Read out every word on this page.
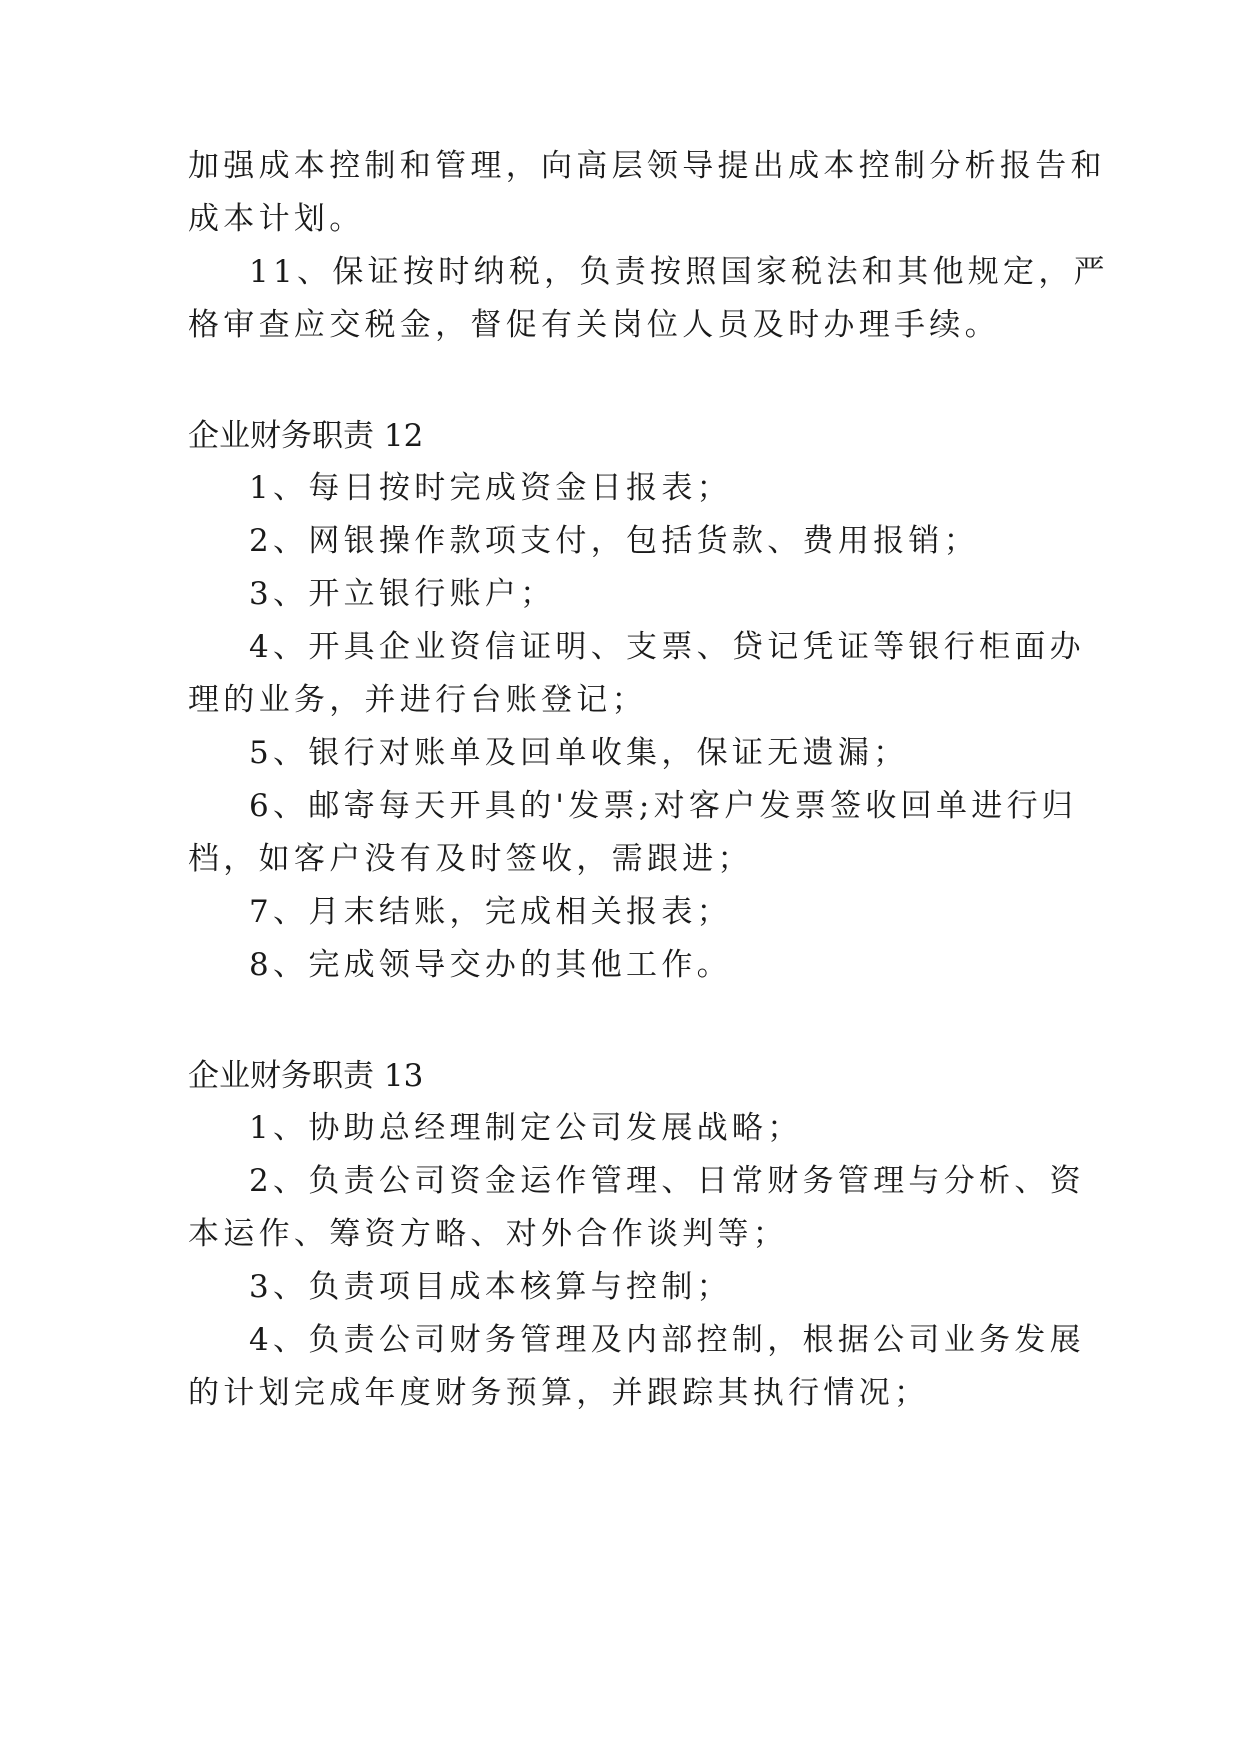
加强成本控制和管理，向高层领导提出成本控制分析报告和
成本计划。
11、保证按时纳税，负责按照国家税法和其他规定，严
格审查应交税金，督促有关岗位人员及时办理手续。
企业财务职责 12
1、每日按时完成资金日报表；
2、网银操作款项支付，包括货款、费用报销；
3、开立银行账户；
4、开具企业资信证明、支票、贷记凭证等银行柜面办
理的业务，并进行台账登记；
5、银行对账单及回单收集，保证无遗漏；
6、邮寄每天开具的'发票;对客户发票签收回单进行归
档，如客户没有及时签收，需跟进；
7、月末结账，完成相关报表；
8、完成领导交办的其他工作。
企业财务职责 13
1、协助总经理制定公司发展战略；
2、负责公司资金运作管理、日常财务管理与分析、资
本运作、筹资方略、对外合作谈判等；
3、负责项目成本核算与控制；
4、负责公司财务管理及内部控制，根据公司业务发展
的计划完成年度财务预算，并跟踪其执行情况；
